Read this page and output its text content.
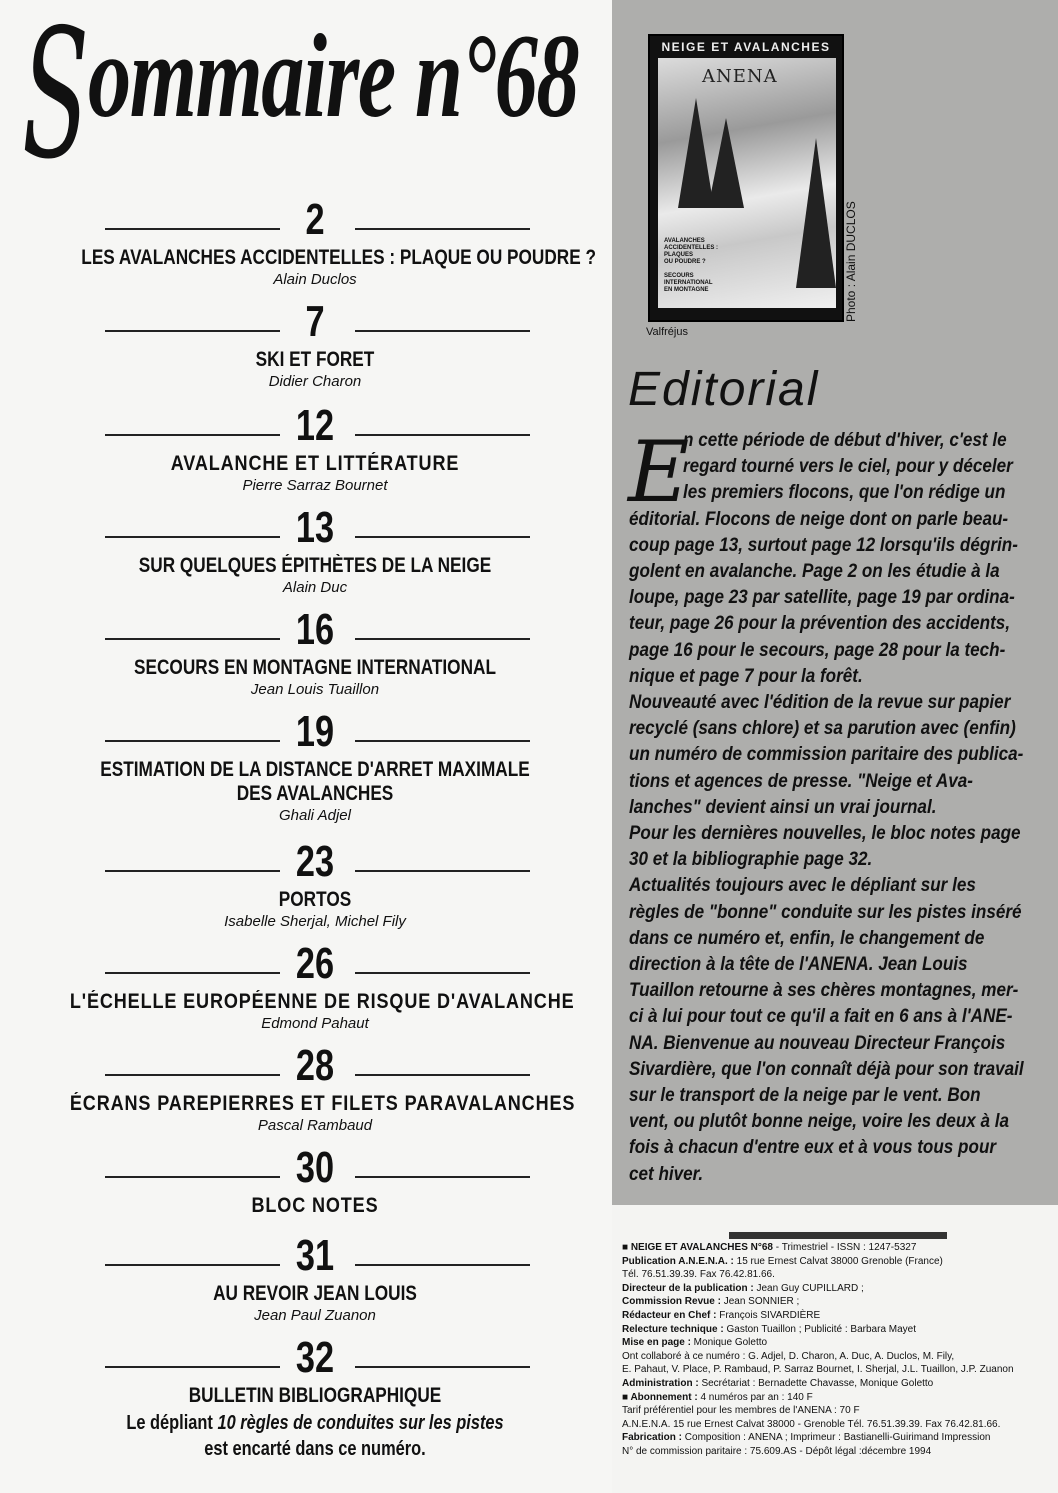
S
ommaire n°68
2
LES AVALANCHES ACCIDENTELLES : PLAQUE OU POUDRE ?
Alain Duclos
7
SKI ET FORET
Didier Charon
12
AVALANCHE ET LITTÉRATURE
Pierre Sarraz Bournet
13
SUR QUELQUES ÉPITHÈTES DE LA NEIGE
Alain Duc
16
SECOURS EN MONTAGNE INTERNATIONAL
Jean Louis Tuaillon
19
ESTIMATION DE LA DISTANCE D'ARRET MAXIMALE
DES AVALANCHES
Ghali Adjel
23
PORTOS
Isabelle Sherjal, Michel Fily
26
L'ÉCHELLE EUROPÉENNE DE RISQUE D'AVALANCHE
Edmond Pahaut
28
ÉCRANS PAREPIERRES ET FILETS PARAVALANCHES
Pascal Rambaud
30
BLOC NOTES
31
AU REVOIR JEAN LOUIS
Jean Paul Zuanon
32
BULLETIN BIBLIOGRAPHIQUE
Le dépliant 10 règles de conduites sur les pistes
est encarté dans ce numéro.
NEIGE ET AVALANCHES
ANENA
AVALANCHES
ACCIDENTELLES :
PLAQUES
OU POUDRE ?

SECOURS
INTERNATIONAL
EN MONTAGNE	Photo : Alain DUCLOS
Valfréjus
Editorial
E
n cette période de début d'hiver, c'est le
regard tourné vers le ciel, pour y déceler
les premiers flocons, que l'on rédige un
éditorial. Flocons de neige dont on parle beau-
coup page 13, surtout page 12 lorsqu'ils dégrin-
golent en avalanche. Page 2 on les étudie à la
loupe, page 23 par satellite, page 19 par ordina-
teur, page 26 pour la prévention des accidents,
page 16 pour le secours, page 28 pour la tech-
nique et page 7 pour la forêt.
Nouveauté avec l'édition de la revue sur papier
recyclé (sans chlore) et sa parution avec (enfin)
un numéro de commission paritaire des publica-
tions et agences de presse. "Neige et Ava-
lanches" devient ainsi un vrai journal.
Pour les dernières nouvelles, le bloc notes page
30 et la bibliographie page 32.
Actualités toujours avec le dépliant sur les
règles de "bonne" conduite sur les pistes inséré
dans ce numéro et, enfin, le changement de
direction à la tête de l'ANENA. Jean Louis
Tuaillon retourne à ses chères montagnes, mer-
ci à lui pour tout ce qu'il a fait en 6 ans à l'ANE-
NA. Bienvenue au nouveau Directeur François
Sivardière, que l'on connaît déjà pour son travail
sur le transport de la neige par le vent. Bon
vent, ou plutôt bonne neige, voire les deux à la
fois à chacun d'entre eux et à vous tous pour
cet hiver.
■ NEIGE ET AVALANCHES N°68 - Trimestriel - ISSN : 1247-5327
Publication A.N.E.N.A. : 15 rue Ernest Calvat 38000 Grenoble (France)
Tél. 76.51.39.39. Fax 76.42.81.66.
Directeur de la publication : Jean Guy CUPILLARD ;
Commission Revue : Jean SONNIER ;
Rédacteur en Chef : François SIVARDIÈRE
Relecture technique : Gaston Tuaillon ; Publicité : Barbara Mayet
Mise en page : Monique Goletto
Ont collaboré à ce numéro : G. Adjel, D. Charon, A. Duc, A. Duclos, M. Fily,
E. Pahaut, V. Place, P. Rambaud, P. Sarraz Bournet, I. Sherjal, J.L. Tuaillon, J.P. Zuanon
Administration : Secrétariat : Bernadette Chavasse, Monique Goletto
■ Abonnement : 4 numéros par an : 140 F
Tarif préférentiel pour les membres de l'ANENA : 70 F
A.N.E.N.A. 15 rue Ernest Calvat 38000 - Grenoble Tél. 76.51.39.39. Fax 76.42.81.66.
Fabrication : Composition : ANENA ; Imprimeur : Bastianelli-Guirimand Impression
N° de commission paritaire : 75.609.AS - Dépôt légal :décembre 1994
